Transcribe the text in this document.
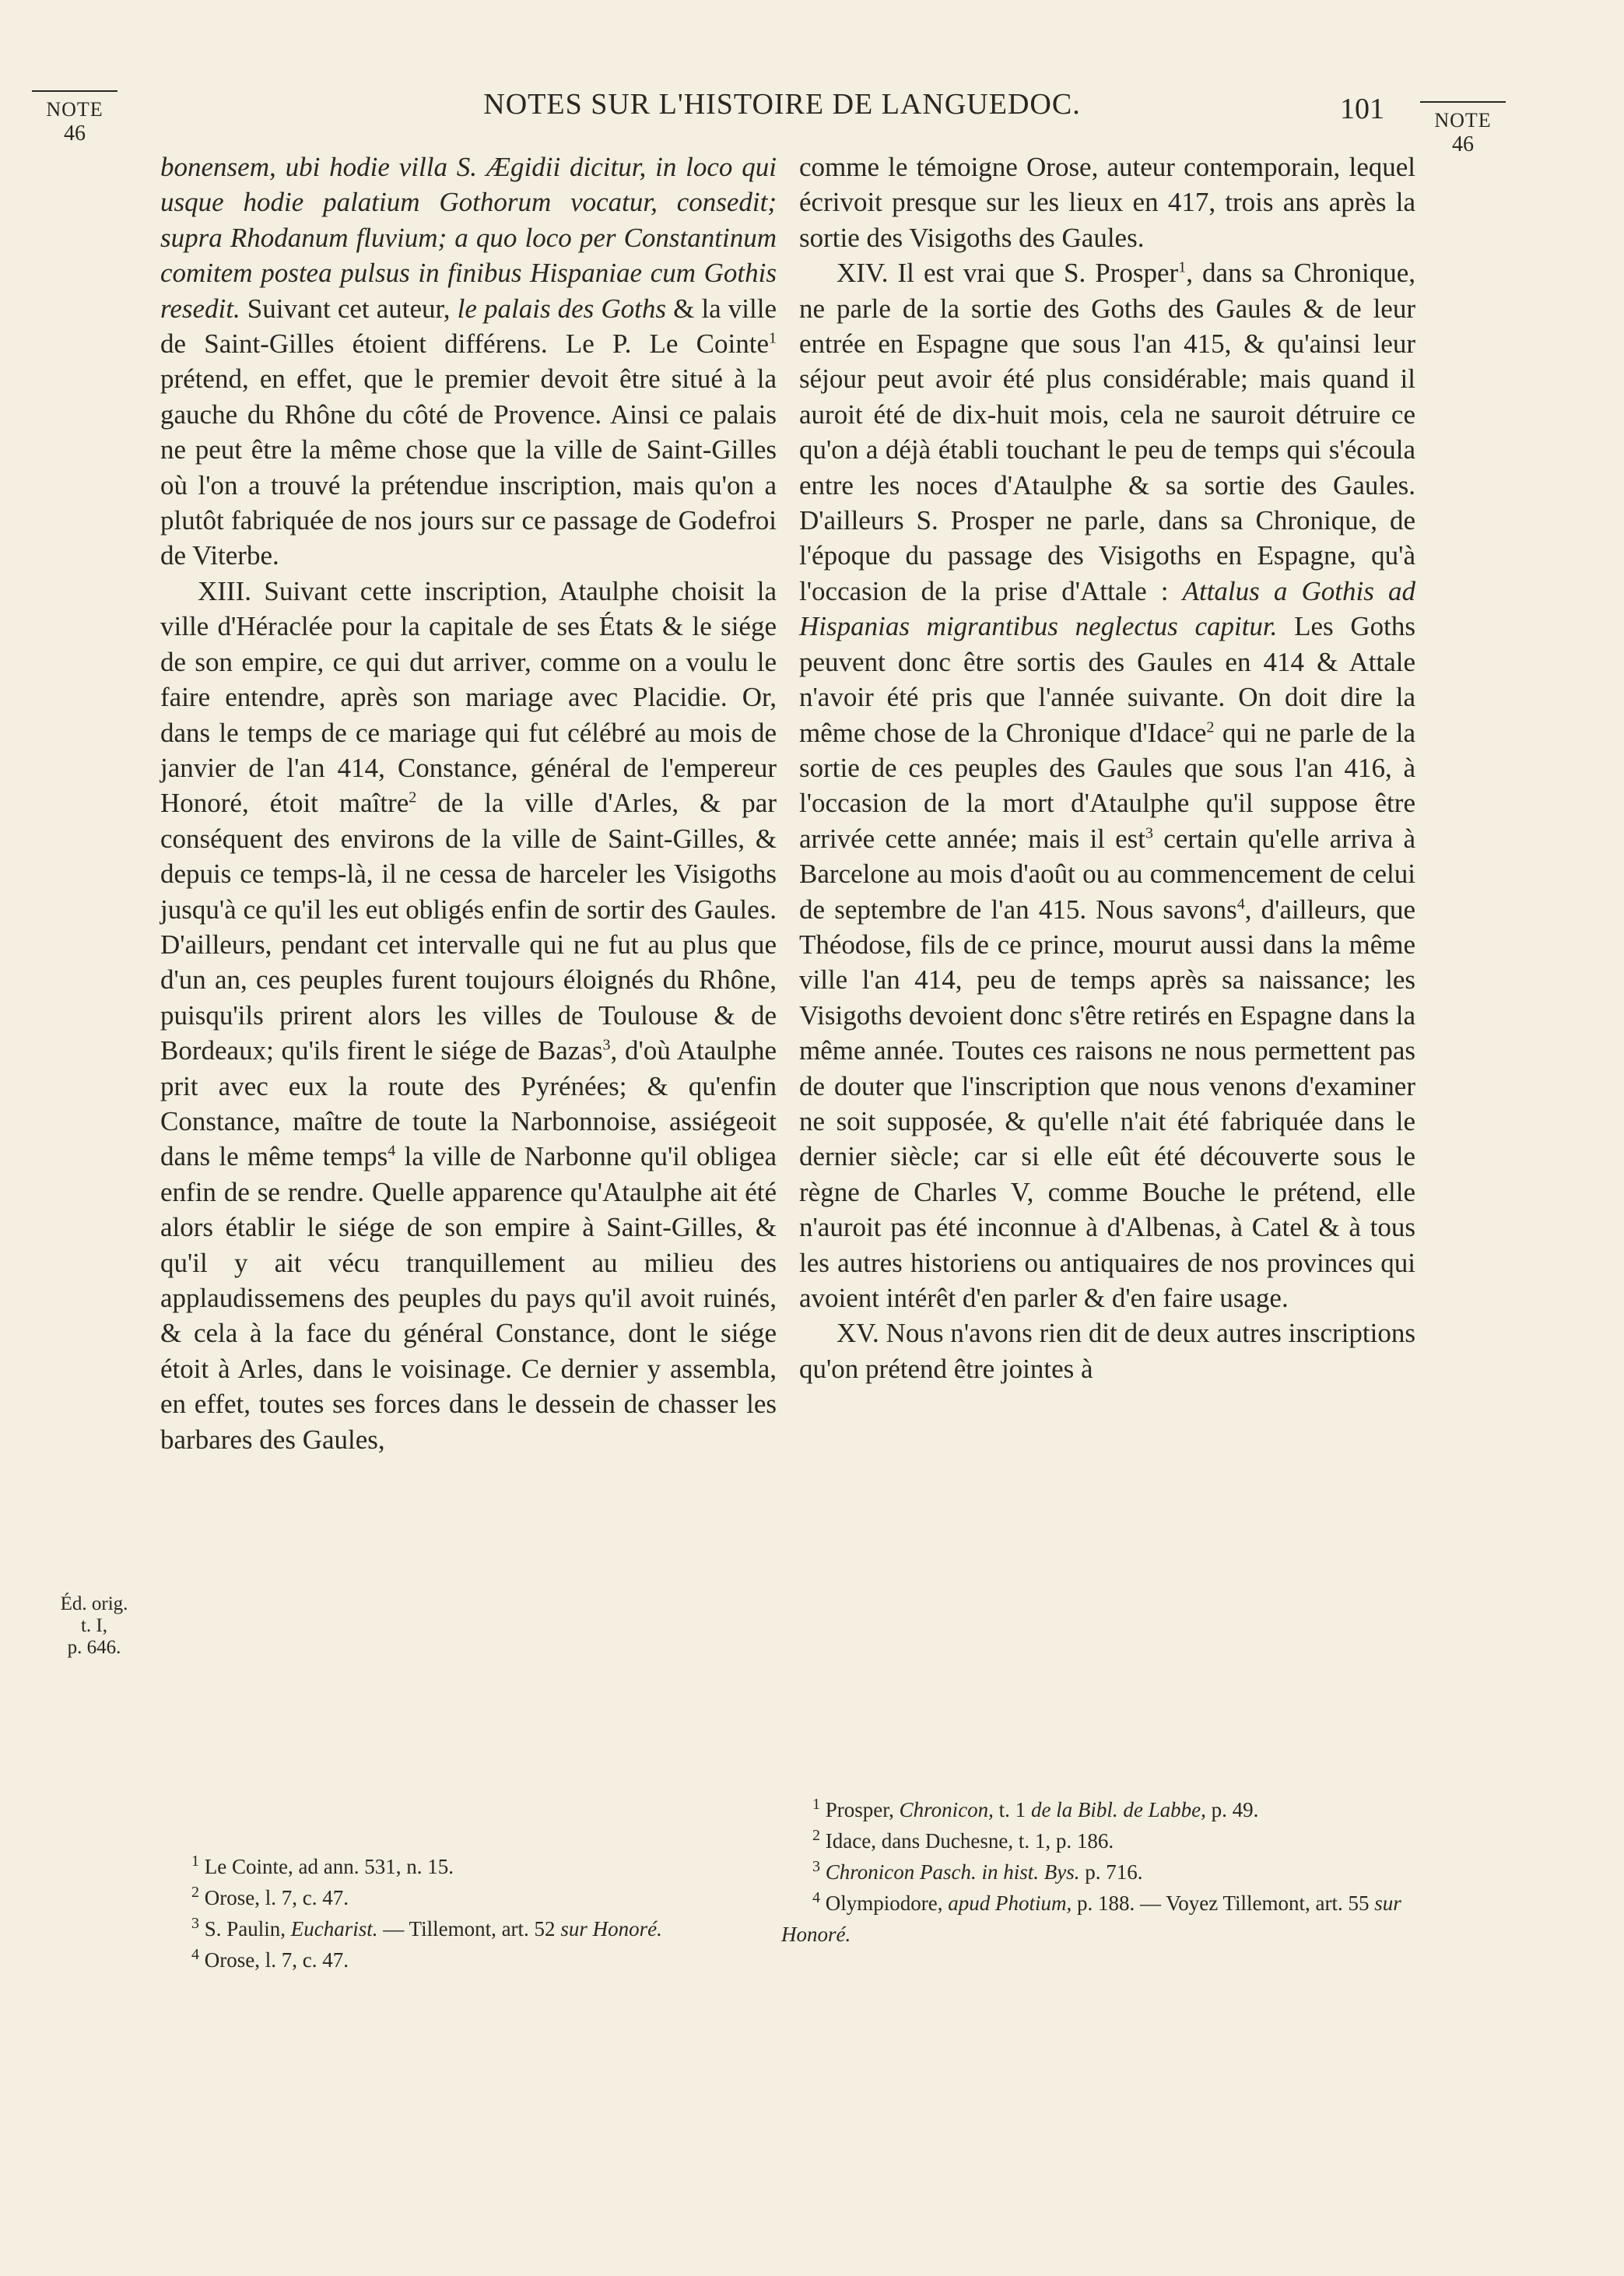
NOTE
46
NOTES SUR L'HISTOIRE DE LANGUEDOC.	101	NOTE
46
Éd. orig.
t. I,
p. 646.

bonensem, ubi hodie villa S. Ægidii dicitur, in loco qui usque hodie palatium Gothorum vocatur, consedit; supra Rhodanum fluvium; a quo loco per Constantinum comitem postea pulsus in finibus Hispaniae cum Gothis resedit. Suivant cet auteur, le palais des Goths & la ville de Saint-Gilles étoient différens. Le P. Le Cointe$^1$ prétend, en effet, que le premier devoit être situé à la gauche du Rhône du côté de Provence. Ainsi ce palais ne peut être la même chose que la ville de Saint-Gilles où l'on a trouvé la prétendue inscription, mais qu'on a plutôt fabriquée de nos jours sur ce passage de Godefroi de Viterbe.

XIII. Suivant cette inscription, Ataulphe choisit la ville d'Héraclée pour la capitale de ses États & le siége de son empire, ce qui dut arriver, comme on a voulu le faire entendre, après son mariage avec Placidie. Or, dans le temps de ce mariage qui fut célébré au mois de janvier de l'an 414, Constance, général de l'empereur Honoré, étoit maître$^2$ de la ville d'Arles, & par conséquent des environs de la ville de Saint-Gilles, & depuis ce temps-là, il ne cessa de harceler les Visigoths jusqu'à ce qu'il les eut obligés enfin de sortir des Gaules. D'ailleurs, pendant cet intervalle qui ne fut au plus que d'un an, ces peuples furent toujours éloignés du Rhône, puisqu'ils prirent alors les villes de Toulouse & de Bordeaux; qu'ils firent le siége de Bazas$^3$, d'où Ataulphe prit avec eux la route des Pyrénées; & qu'enfin Constance, maître de toute la Narbonnoise, assiégeoit dans le même temps$^4$ la ville de Narbonne qu'il obligea enfin de se rendre. Quelle apparence qu'Ataulphe ait été alors établir le siége de son empire à Saint-Gilles, & qu'il y ait vécu tranquillement au milieu des applaudissemens des peuples du pays qu'il avoit ruinés, & cela à la face du général Constance, dont le siége étoit à Arles, dans le voisinage. Ce dernier y assembla, en effet, toutes ses forces dans le dessein de chasser les barbares des Gaules,

comme le témoigne Orose, auteur contemporain, lequel écrivoit presque sur les lieux en 417, trois ans après la sortie des Visigoths des Gaules.

XIV. Il est vrai que S. Prosper$^1$, dans sa Chronique, ne parle de la sortie des Goths des Gaules & de leur entrée en Espagne que sous l'an 415, & qu'ainsi leur séjour peut avoir été plus considérable; mais quand il auroit été de dix-huit mois, cela ne sauroit détruire ce qu'on a déjà établi touchant le peu de temps qui s'écoula entre les noces d'Ataulphe & sa sortie des Gaules. D'ailleurs S. Prosper ne parle, dans sa Chronique, de l'époque du passage des Visigoths en Espagne, qu'à l'occasion de la prise d'Attale : Attalus a Gothis ad Hispanias migrantibus neglectus capitur. Les Goths peuvent donc être sortis des Gaules en 414 & Attale n'avoir été pris que l'année suivante. On doit dire la même chose de la Chronique d'Idace$^2$ qui ne parle de la sortie de ces peuples des Gaules que sous l'an 416, à l'occasion de la mort d'Ataulphe qu'il suppose être arrivée cette année; mais il est$^3$ certain qu'elle arriva à Barcelone au mois d'août ou au commencement de celui de septembre de l'an 415. Nous savons$^4$, d'ailleurs, que Théodose, fils de ce prince, mourut aussi dans la même ville l'an 414, peu de temps après sa naissance; les Visigoths devoient donc s'être retirés en Espagne dans la même année. Toutes ces raisons ne nous permettent pas de douter que l'inscription que nous venons d'examiner ne soit supposée, & qu'elle n'ait été fabriquée dans le dernier siècle; car si elle eût été découverte sous le règne de Charles V, comme Bouche le prétend, elle n'auroit pas été inconnue à d'Albenas, à Catel & à tous les autres historiens ou antiquaires de nos provinces qui avoient intérêt d'en parler & d'en faire usage.

XV. Nous n'avons rien dit de deux autres inscriptions qu'on prétend être jointes à

$^1$ Le Cointe, ad ann. 531, n. 15.

$^2$ Orose, l. 7, c. 47.

$^3$ S. Paulin, Eucharist. — Tillemont, art. 52 sur Honoré.

$^4$ Orose, l. 7, c. 47.

$^1$ Prosper, Chronicon, t. 1 de la Bibl. de Labbe, p. 49.

$^2$ Idace, dans Duchesne, t. 1, p. 186.

$^3$ Chronicon Pasch. in hist. Bys. p. 716.

$^4$ Olympiodore, apud Photium, p. 188. — Voyez Tillemont, art. 55 sur Honoré.
